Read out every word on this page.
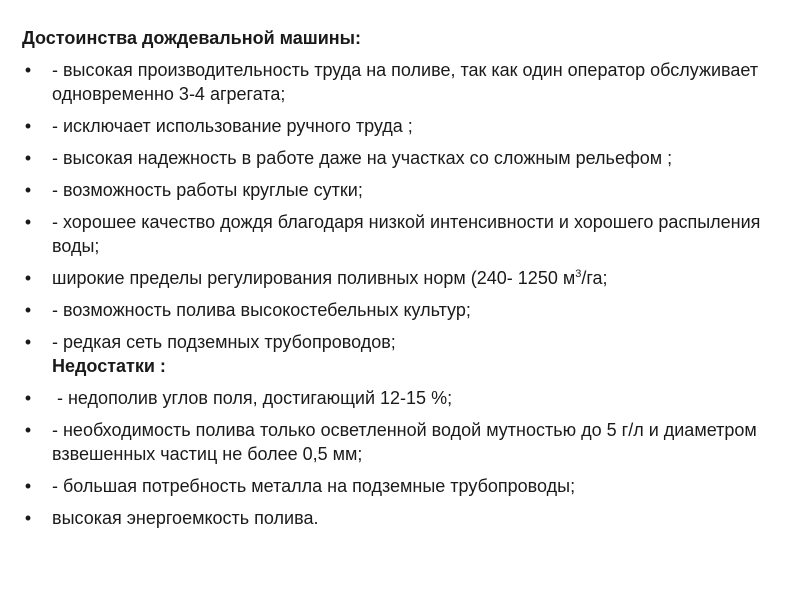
Достоинства дождевальной машины:
• - высокая производительность труда на поливе, так как один оператор обслуживает одновременно 3-4 агрегата;
• - исключает использование ручного труда ;
• - высокая надежность в работе даже на участках со сложным рельефом ;
• - возможность работы круглые сутки;
• - хорошее качество дождя благодаря низкой интенсивности и хорошего распыления воды;
• широкие пределы регулирования поливных норм (240- 1250 $м^3/га$;
• - возможность полива высокостебельных культур;
• - редкая сеть подземных трубопроводов;
Недостатки :
• - недополив углов поля, достигающий 12-15 %;
• - необходимость полива только осветленной водой мутностью до 5 г/л и диаметром взвешенных частиц не более 0,5 мм;
• - большая потребность металла на подземные трубопроводы;
• высокая энергоемкость полива.
